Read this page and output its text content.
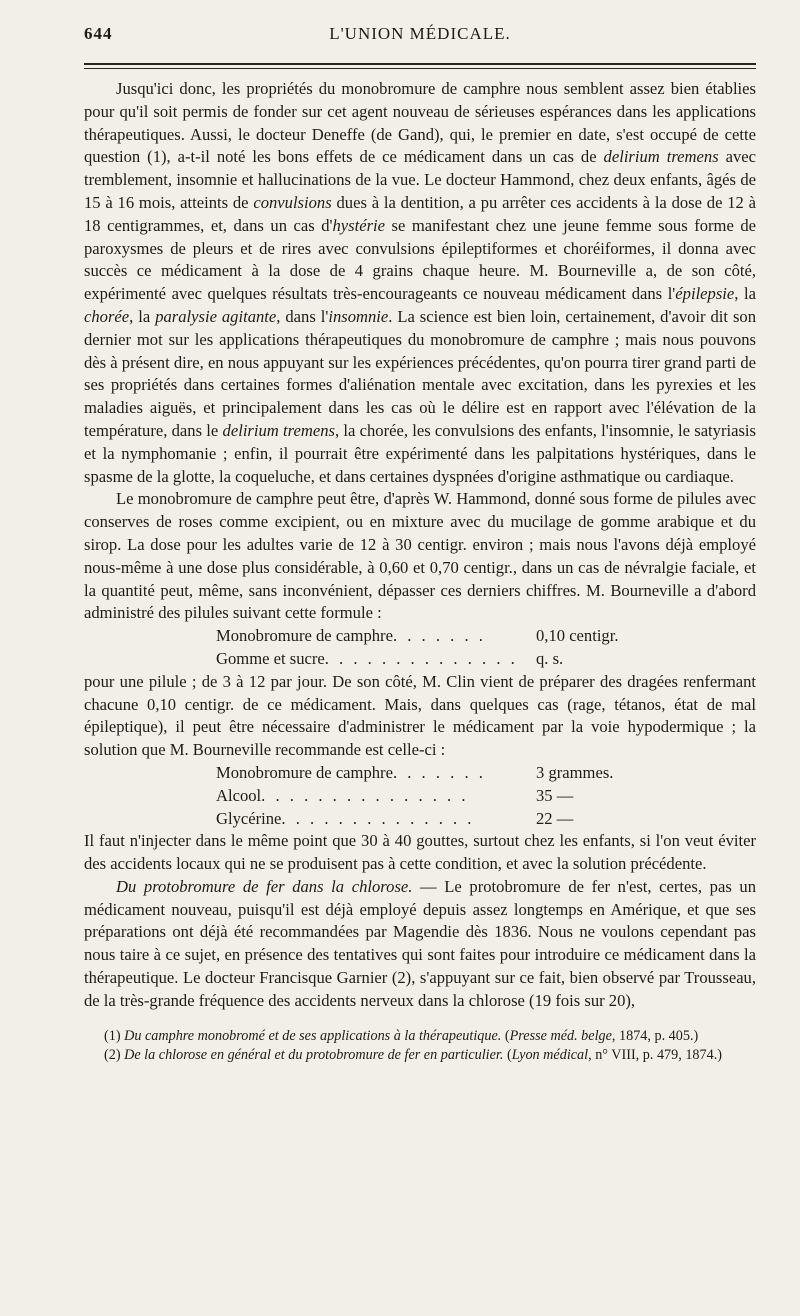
644	L'UNION MÉDICALE.

Jusqu'ici donc, les propriétés du monobromure de camphre nous semblent assez bien établies pour qu'il soit permis de fonder sur cet agent nouveau de sérieuses espérances dans les applications thérapeutiques. Aussi, le docteur Deneffe (de Gand), qui, le premier en date, s'est occupé de cette question (1), a-t-il noté les bons effets de ce médicament dans un cas de delirium tremens avec tremblement, insomnie et hallucinations de la vue. Le docteur Hammond, chez deux enfants, âgés de 15 à 16 mois, atteints de convulsions dues à la dentition, a pu arrêter ces accidents à la dose de 12 à 18 centigrammes, et, dans un cas d'hystérie se manifestant chez une jeune femme sous forme de paroxysmes de pleurs et de rires avec convulsions épileptiformes et choréiformes, il donna avec succès ce médicament à la dose de 4 grains chaque heure. M. Bourneville a, de son côté, expérimenté avec quelques résultats très-encourageants ce nouveau médicament dans l'épilepsie, la chorée, la paralysie agitante, dans l'insomnie. La science est bien loin, certainement, d'avoir dit son dernier mot sur les applications thérapeutiques du monobromure de camphre ; mais nous pouvons dès à présent dire, en nous appuyant sur les expériences précédentes, qu'on pourra tirer grand parti de ses propriétés dans certaines formes d'aliénation mentale avec excitation, dans les pyrexies et les maladies aiguës, et principalement dans les cas où le délire est en rapport avec l'élévation de la température, dans le delirium tremens, la chorée, les convulsions des enfants, l'insomnie, le satyriasis et la nymphomanie ; enfin, il pourrait être expérimenté dans les palpitations hystériques, dans le spasme de la glotte, la coqueluche, et dans certaines dyspnées d'origine asthmatique ou cardiaque.

Le monobromure de camphre peut être, d'après W. Hammond, donné sous forme de pilules avec conserves de roses comme excipient, ou en mixture avec du mucilage de gomme arabique et du sirop. La dose pour les adultes varie de 12 à 30 centigr. environ ; mais nous l'avons déjà employé nous-même à une dose plus considérable, à 0,60 et 0,70 centigr., dans un cas de névralgie faciale, et la quantité peut, même, sans inconvénient, dépasser ces derniers chiffres. M. Bourneville a d'abord administré des pilules suivant cette formule :

Monobromure de camphre . . . . . . .	0,10 centigr.
Gomme et sucre . . . . . . . . . . . . . .	q. s.

pour une pilule ; de 3 à 12 par jour. De son côté, M. Clin vient de préparer des dragées renfermant chacune 0,10 centigr. de ce médicament. Mais, dans quelques cas (rage, tétanos, état de mal épileptique), il peut être nécessaire d'administrer le médicament par la voie hypodermique ; la solution que M. Bourneville recommande est celle-ci :

Monobromure de camphre . . . . . . .	3 grammes.
Alcool . . . . . . . . . . . . . . .	35 —
Glycérine . . . . . . . . . . . . . .	22 —

Il faut n'injecter dans le même point que 30 à 40 gouttes, surtout chez les enfants, si l'on veut éviter des accidents locaux qui ne se produisent pas à cette condition, et avec la solution précédente.

Du protobromure de fer dans la chlorose. — Le protobromure de fer n'est, certes, pas un médicament nouveau, puisqu'il est déjà employé depuis assez longtemps en Amérique, et que ses préparations ont déjà été recommandées par Magendie dès 1836. Nous ne voulons cependant pas nous taire à ce sujet, en présence des tentatives qui sont faites pour introduire ce médicament dans la thérapeutique. Le docteur Francisque Garnier (2), s'appuyant sur ce fait, bien observé par Trousseau, de la très-grande fréquence des accidents nerveux dans la chlorose (19 fois sur 20),

(1) Du camphre monobromé et de ses applications à la thérapeutique. (Presse méd. belge, 1874, p. 405.)

(2) De la chlorose en général et du protobromure de fer en particulier. (Lyon médical, n° VIII, p. 479, 1874.)
